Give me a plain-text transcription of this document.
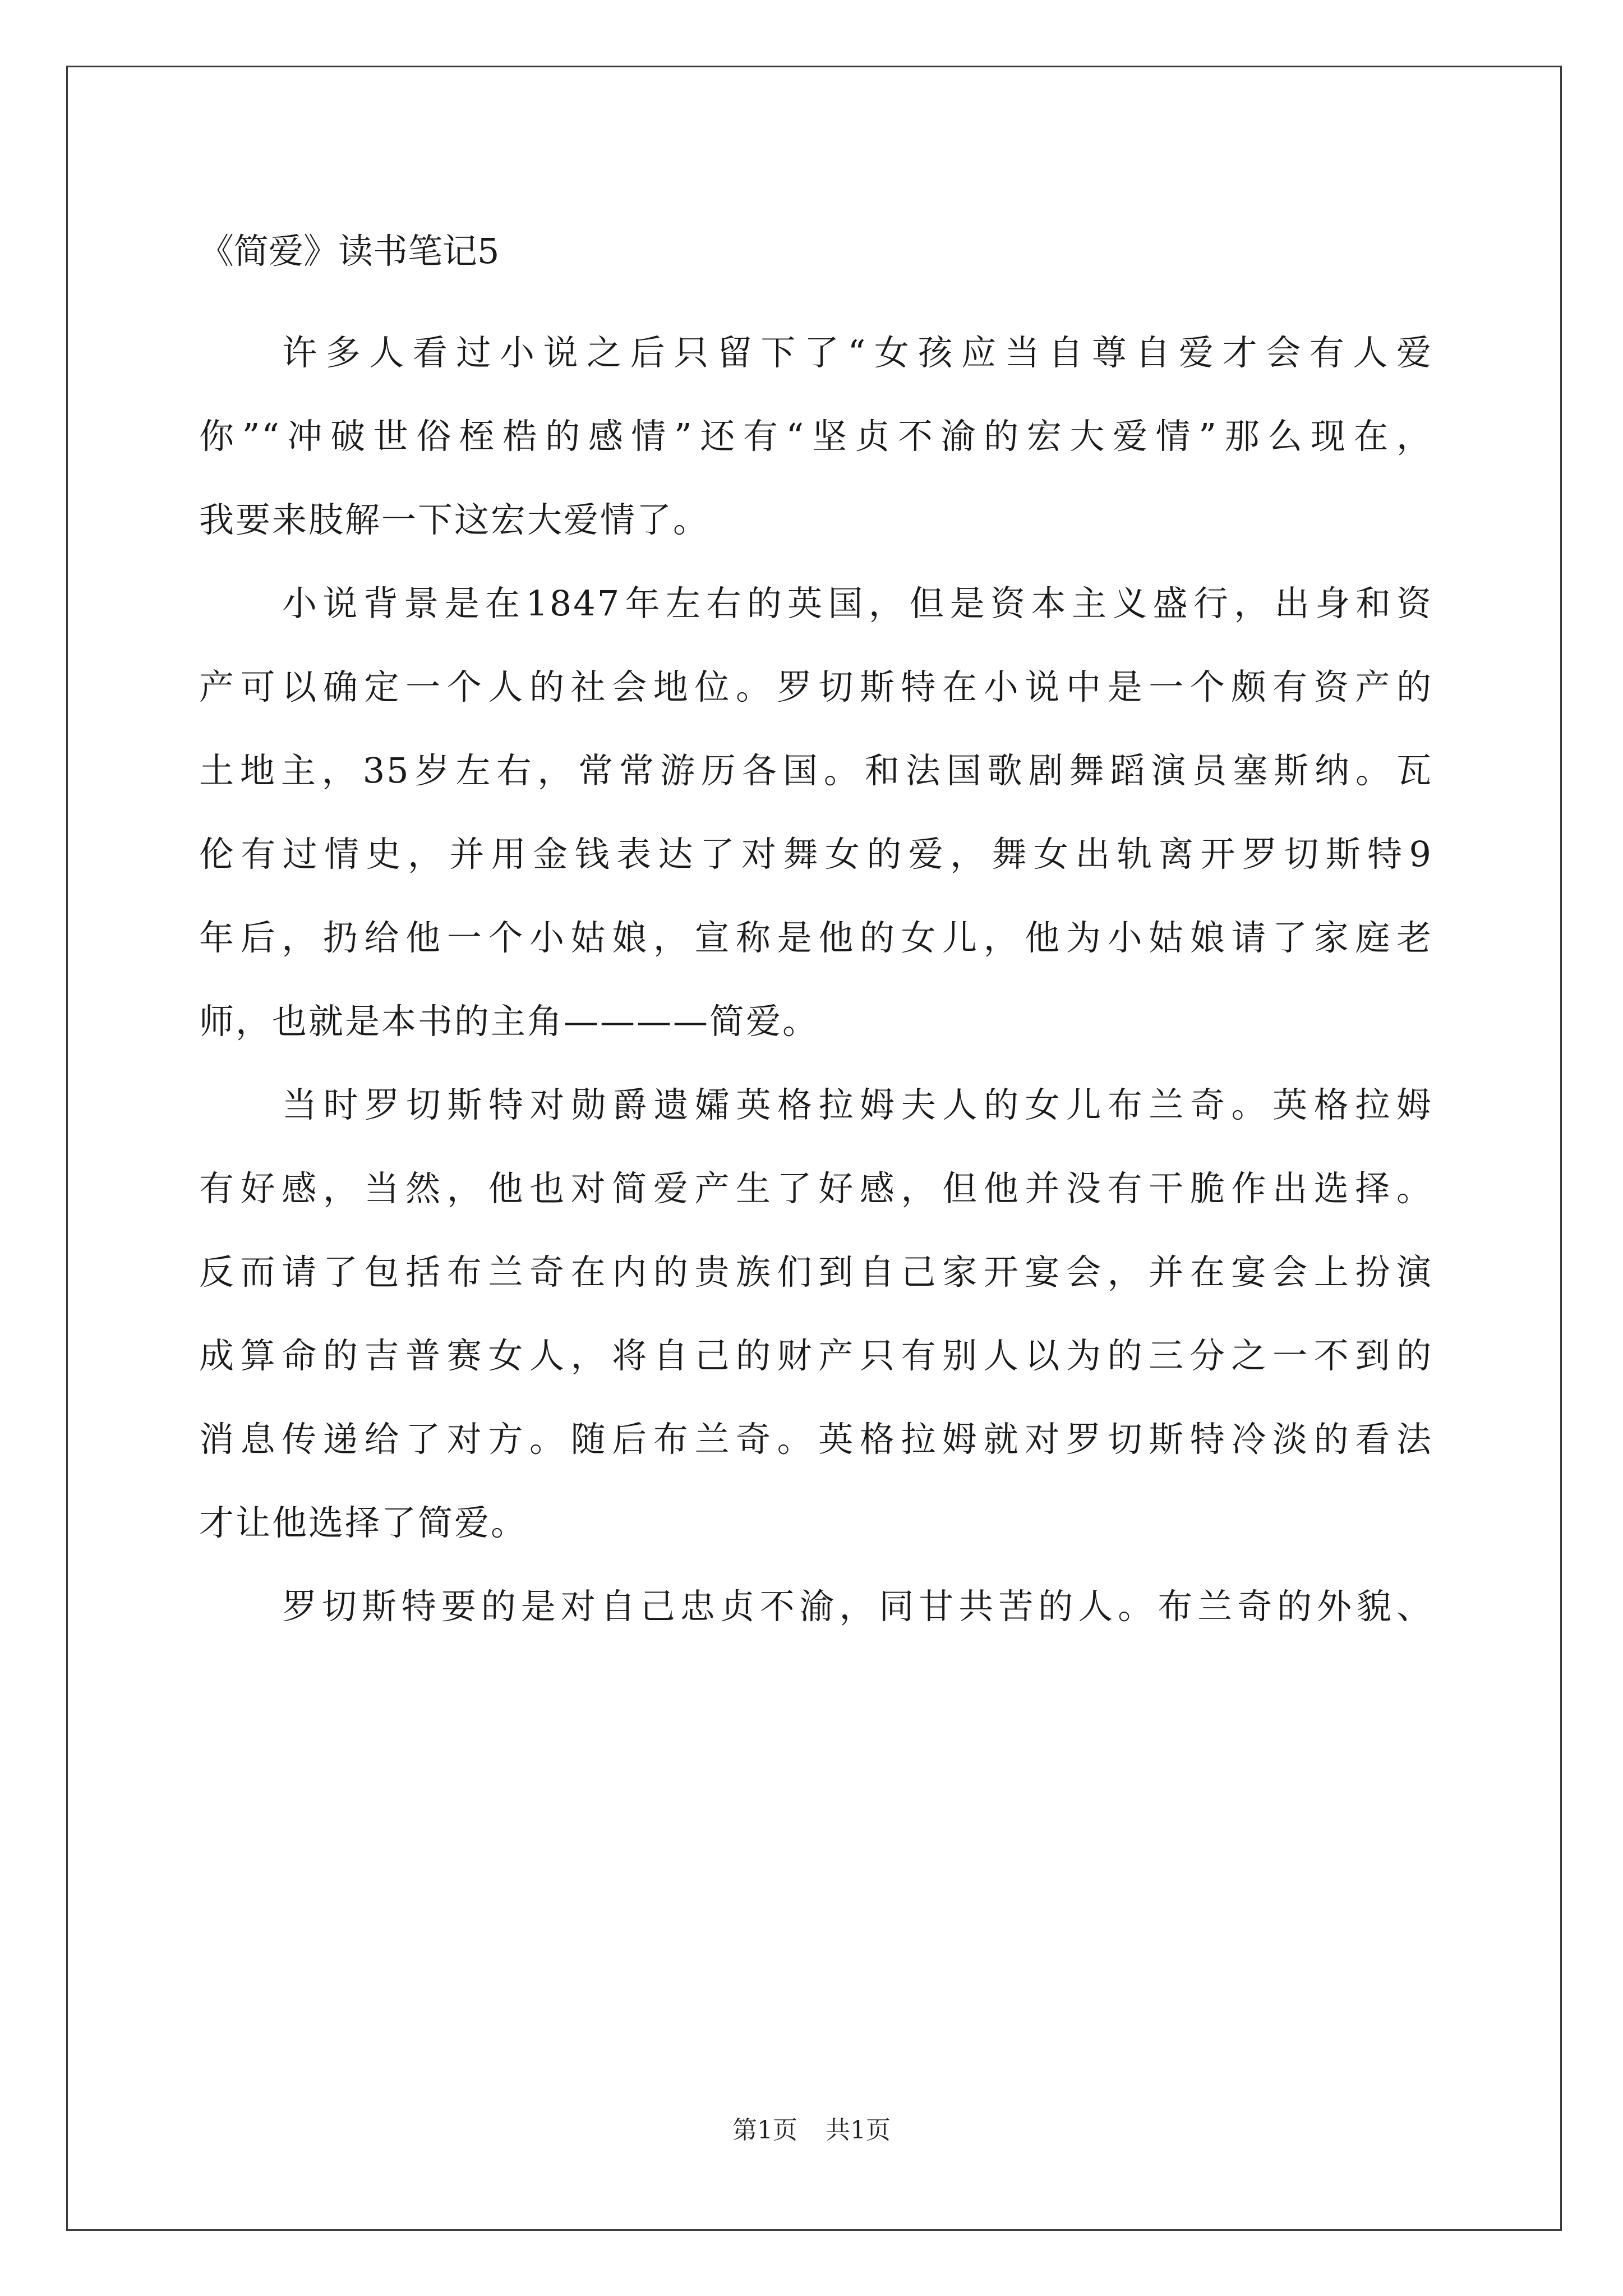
《简爱》读书笔记5
许多人看过小说之后只留下了“女孩应当自尊自爱才会有人爱
你”“冲破世俗桎梏的感情”还有“坚贞不渝的宏大爱情”那么现在，
我要来肢解一下这宏大爱情了。
小说背景是在1847年左右的英国，但是资本主义盛行，出身和资
产可以确定一个人的社会地位。罗切斯特在小说中是一个颇有资产的
土地主，35岁左右，常常游历各国。和法国歌剧舞蹈演员塞斯纳。瓦
伦有过情史，并用金钱表达了对舞女的爱，舞女出轨离开罗切斯特9
年后，扔给他一个小姑娘，宣称是他的女儿，他为小姑娘请了家庭老
师，也就是本书的主角————简爱。
当时罗切斯特对勋爵遗孀英格拉姆夫人的女儿布兰奇。英格拉姆
有好感，当然，他也对简爱产生了好感，但他并没有干脆作出选择。
反而请了包括布兰奇在内的贵族们到自己家开宴会，并在宴会上扮演
成算命的吉普赛女人，将自己的财产只有别人以为的三分之一不到的
消息传递给了对方。随后布兰奇。英格拉姆就对罗切斯特冷淡的看法
才让他选择了简爱。
罗切斯特要的是对自己忠贞不渝，同甘共苦的人。布兰奇的外貌、
第1页 共1页
